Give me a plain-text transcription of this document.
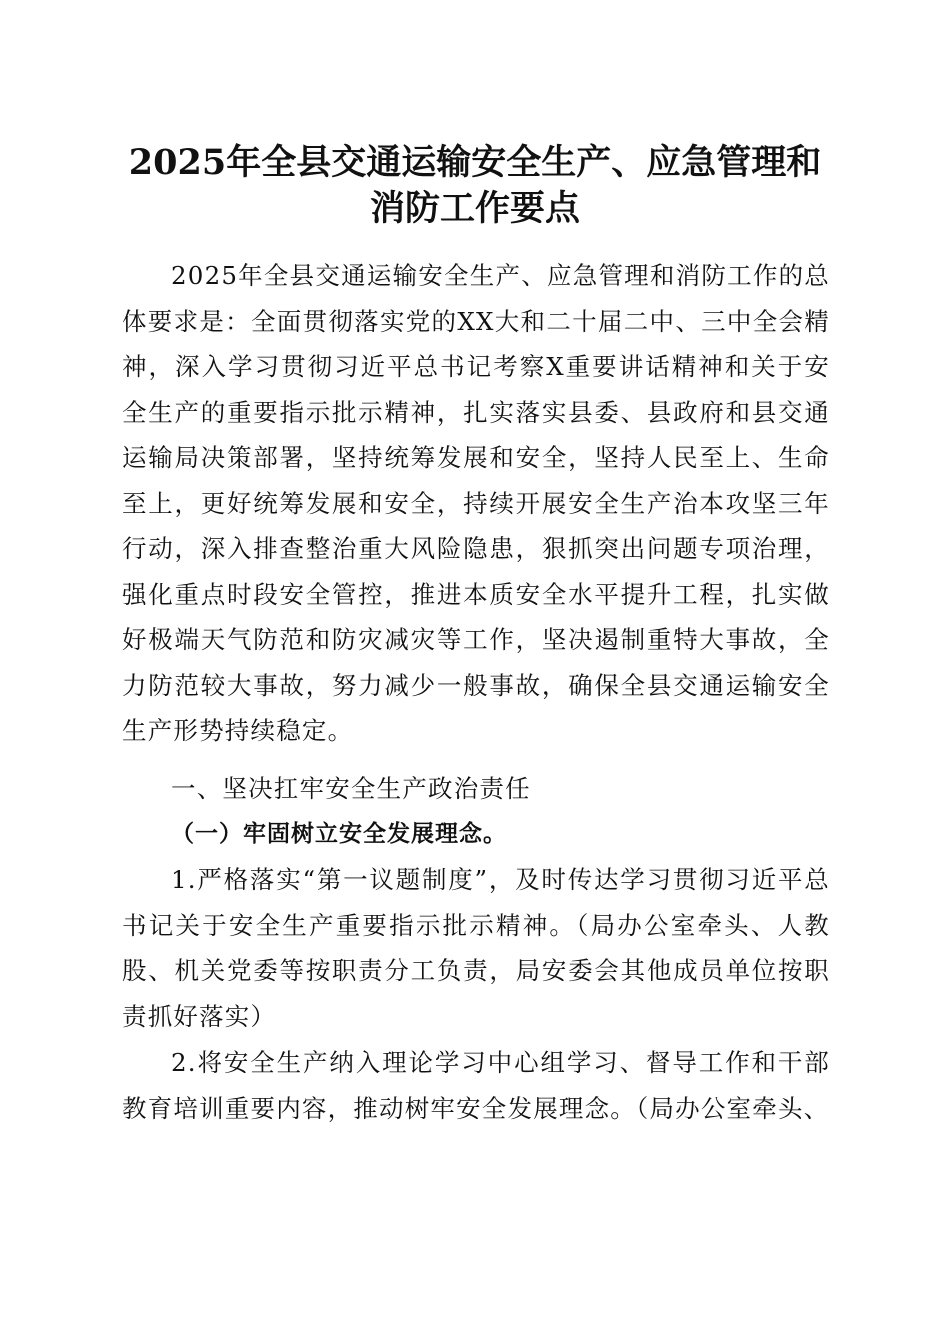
2025年全县交通运输安全生产、应急管理和
消防工作要点

2025年全县交通运输安全生产、应急管理和消防工作的总体要求是：全面贯彻落实党的XX大和二十届二中、三中全会精神，深入学习贯彻习近平总书记考察X重要讲话精神和关于安全生产的重要指示批示精神，扎实落实县委、县政府和县交通运输局决策部署，坚持统筹发展和安全，坚持人民至上、生命至上，更好统筹发展和安全，持续开展安全生产治本攻坚三年行动，深入排查整治重大风险隐患，狠抓突出问题专项治理，强化重点时段安全管控，推进本质安全水平提升工程，扎实做好极端天气防范和防灾减灾等工作，坚决遏制重特大事故，全力防范较大事故，努力减少一般事故，确保全县交通运输安全生产形势持续稳定。

一、坚决扛牢安全生产政治责任

（一）牢固树立安全发展理念。

1.严格落实“第一议题制度”，及时传达学习贯彻习近平总书记关于安全生产重要指示批示精神。（局办公室牵头、人教股、机关党委等按职责分工负责，局安委会其他成员单位按职责抓好落实）

2.将安全生产纳入理论学习中心组学习、督导工作和干部教育培训重要内容，推动树牢安全发展理念。（局办公室牵头、
